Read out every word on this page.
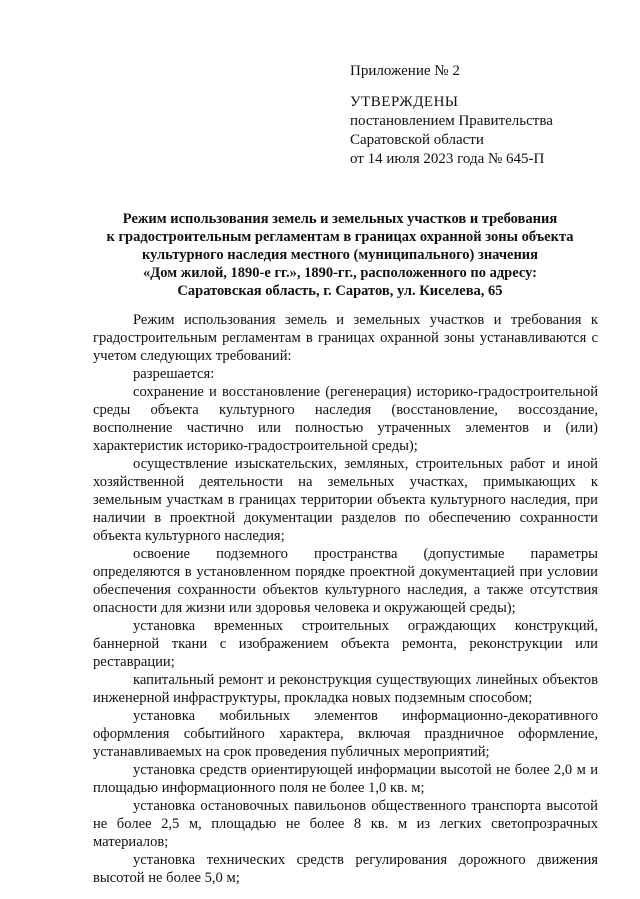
Приложение № 2
УТВЕРЖДЕНЫ
постановлением Правительства
Саратовской области
от 14 июля 2023 года № 645-П
Режим использования земель и земельных участков и требования
к градостроительным регламентам в границах охранной зоны объекта
культурного наследия местного (муниципального) значения
«Дом жилой, 1890-е гг.», 1890-гг., расположенного по адресу:
Саратовская область, г. Саратов, ул. Киселева, 65

Режим использования земель и земельных участков и требования к градостроительным регламентам в границах охранной зоны устанавливаются с учетом следующих требований:

разрешается:

сохранение и восстановление (регенерация) историко-градостроительной среды объекта культурного наследия (восстановление, воссоздание, восполнение частично или полностью утраченных элементов и (или) характеристик историко-градостроительной среды);

осуществление изыскательских, земляных, строительных работ и иной хозяйственной деятельности на земельных участках, примыкающих к земельным участкам в границах территории объекта культурного наследия, при наличии в проектной документации разделов по обеспечению сохранности объекта культурного наследия;

освоение подземного пространства (допустимые параметры определяются в установленном порядке проектной документацией при условии обеспечения сохранности объектов культурного наследия, а также отсутствия опасности для жизни или здоровья человека и окружающей среды);

установка временных строительных ограждающих конструкций, баннерной ткани с изображением объекта ремонта, реконструкции или реставрации;

капитальный ремонт и реконструкция существующих линейных объектов инженерной инфраструктуры, прокладка новых подземным способом;

установка мобильных элементов информационно-декоративного оформления событийного характера, включая праздничное оформление, устанавливаемых на срок проведения публичных мероприятий;

установка средств ориентирующей информации высотой не более 2,0 м и площадью информационного поля не более 1,0 кв. м;

установка остановочных павильонов общественного транспорта высотой не более 2,5 м, площадью не более 8 кв. м из легких светопрозрачных материалов;

установка технических средств регулирования дорожного движения высотой не более 5,0 м;
